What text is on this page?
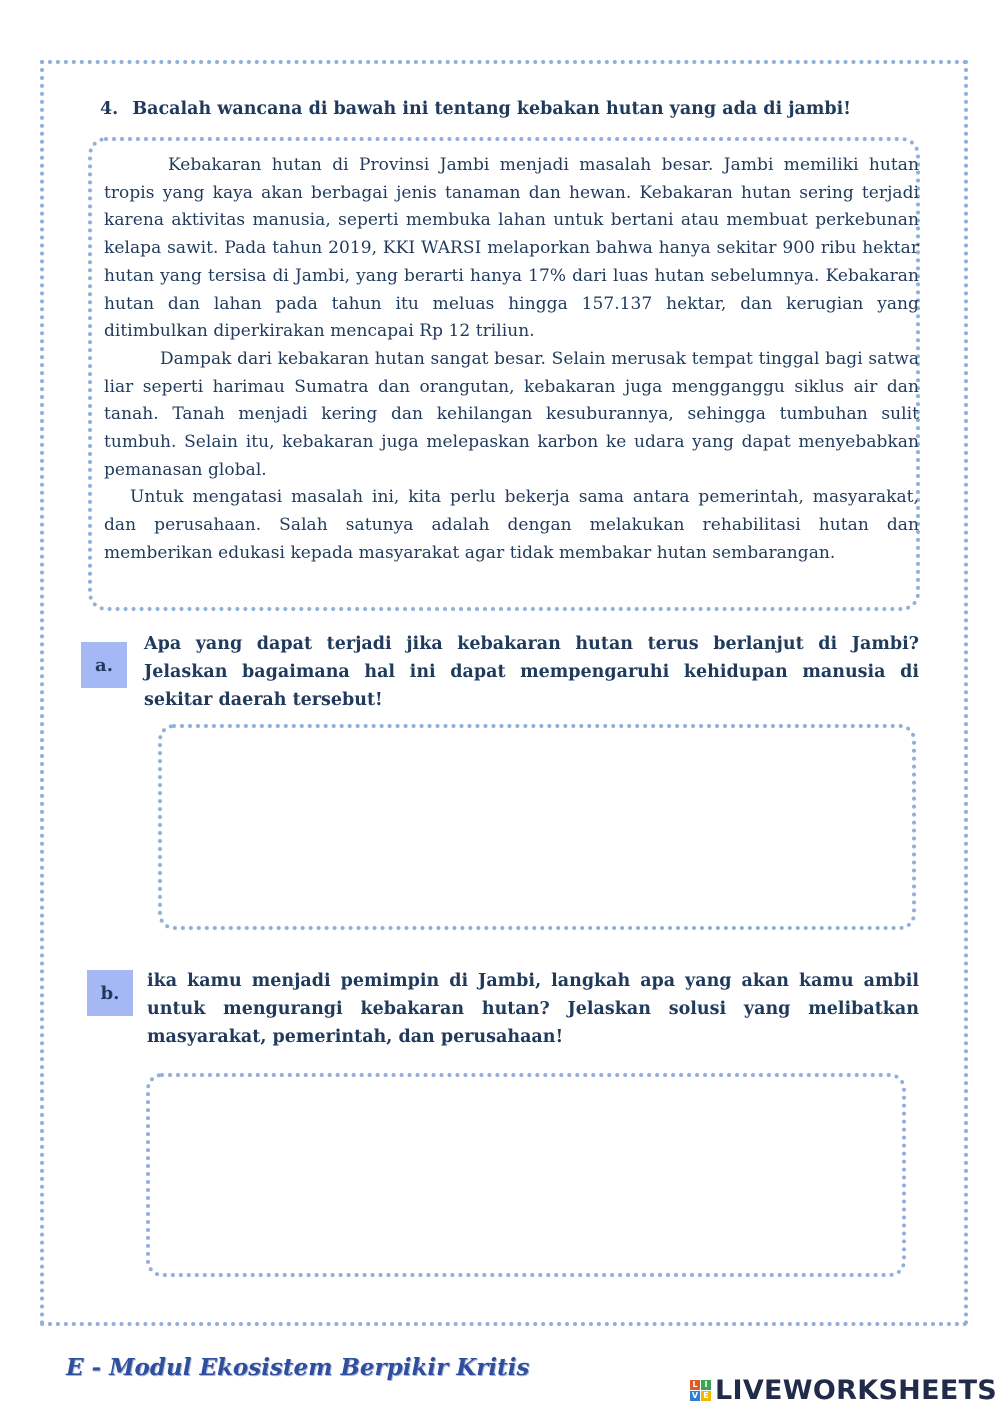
4. Bacalah wancana di bawah ini tentang kebakan hutan yang ada di jambi!

Kebakaran hutan di Provinsi Jambi menjadi masalah besar. Jambi memiliki hutan tropis yang kaya akan berbagai jenis tanaman dan hewan. Kebakaran hutan sering terjadi karena aktivitas manusia, seperti membuka lahan untuk bertani atau membuat perkebunan kelapa sawit. Pada tahun 2019, KKI WARSI melaporkan bahwa hanya sekitar 900 ribu hektar hutan yang tersisa di Jambi, yang berarti hanya 17% dari luas hutan sebelumnya. Kebakaran hutan dan lahan pada tahun itu meluas hingga 157.137 hektar, dan kerugian yang ditimbulkan diperkirakan mencapai Rp 12 triliun.

Dampak dari kebakaran hutan sangat besar. Selain merusak tempat tinggal bagi satwa liar seperti harimau Sumatra dan orangutan, kebakaran juga mengganggu siklus air dan tanah. Tanah menjadi kering dan kehilangan kesuburannya, sehingga tumbuhan sulit tumbuh. Selain itu, kebakaran juga melepaskan karbon ke udara yang dapat menyebabkan pemanasan global.

Untuk mengatasi masalah ini, kita perlu bekerja sama antara pemerintah, masyarakat, dan perusahaan. Salah satunya adalah dengan melakukan rehabilitasi hutan dan memberikan edukasi kepada masyarakat agar tidak membakar hutan sembarangan.

a.
Apa yang dapat terjadi jika kebakaran hutan terus berlanjut di Jambi? Jelaskan bagaimana hal ini dapat mempengaruhi kehidupan manusia di sekitar daerah tersebut!
b.
ika kamu menjadi pemimpin di Jambi, langkah apa yang akan kamu ambil untuk mengurangi kebakaran hutan? Jelaskan solusi yang melibatkan masyarakat, pemerintah, dan perusahaan!
E - Modul Ekosistem Berpikir Kritis
L I
V E LIVEWORKSHEETS
